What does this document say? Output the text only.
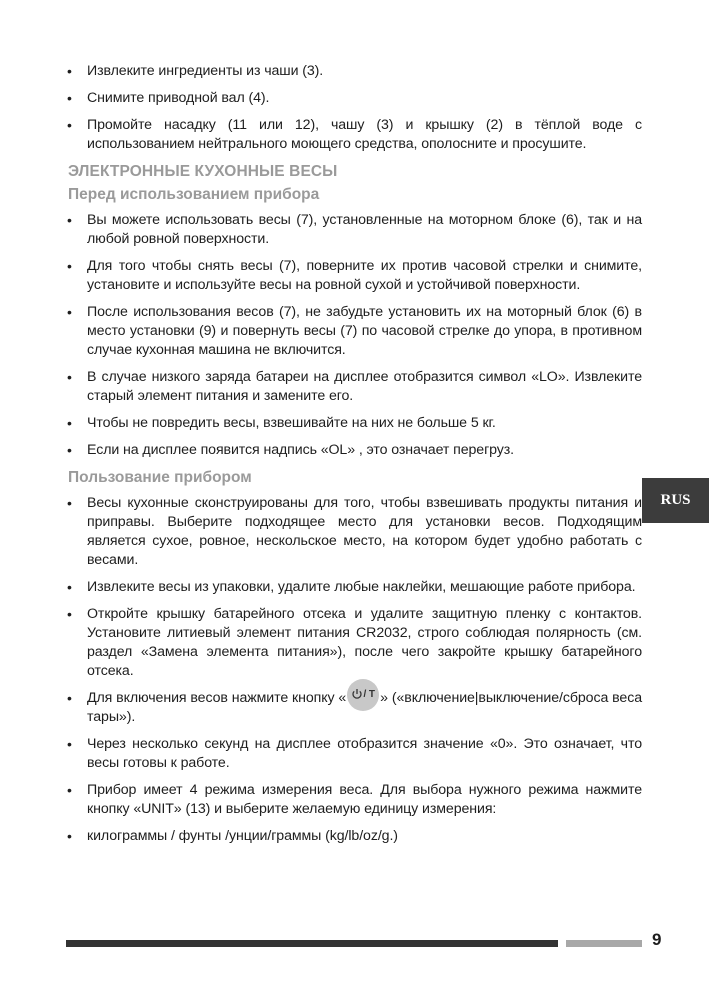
• Извлеките ингредиенты из чаши (3).
• Снимите приводной вал (4).
• Промойте насадку (11 или 12), чашу (3) и крышку (2) в тёплой воде с использованием нейтрального моющего средства, ополосните и просушите.
ЭЛЕКТРОННЫЕ КУХОННЫЕ ВЕСЫ
Перед использованием прибора
• Вы можете использовать весы (7), установленные на моторном блоке (6), так и на любой ровной поверхности.
• Для того чтобы снять весы (7), поверните их против часовой стрелки и снимите, установите и используйте весы на ровной сухой и устойчивой поверхности.
• После использования весов (7), не забудьте установить их на моторный блок (6) в место установки (9) и повернуть весы (7) по часовой стрелке до упора, в противном случае кухонная машина не включится.
• В случае низкого заряда батареи на дисплее отобразится символ «LO». Извлеките старый элемент питания и замените его.
• Чтобы не повредить весы, взвешивайте на них не больше 5 кг.
• Если на дисплее появится надпись «OL» , это означает перегруз.
Пользование прибором
• Весы кухонные сконструированы для того, чтобы взвешивать продукты питания и приправы. Выберите подходящее место для установки весов. Подходящим является сухое, ровное, нескольское место, на котором будет удобно работать с весами.
• Извлеките весы из упаковки, удалите любые наклейки, мешающие работе прибора.
• Откройте крышку батарейного отсека и удалите защитную пленку с контактов. Установите литиевый элемент питания CR2032, строго соблюдая полярность (см. раздел «Замена элемента питания»), после чего закройте крышку батарейного отсека.
• Для включения весов нажмите кнопку « / T » («включение|выключение/сброса веса тары»).
• Через несколько секунд на дисплее отобразится значение «0». Это означает, что весы готовы к работе.
• Прибор имеет 4 режима измерения веса. Для выбора нужного режима нажмите кнопку «UNIT» (13) и выберите желаемую единицу измерения:
• килограммы / фунты /унции/граммы (kg/lb/oz/g.)
RUS
9
